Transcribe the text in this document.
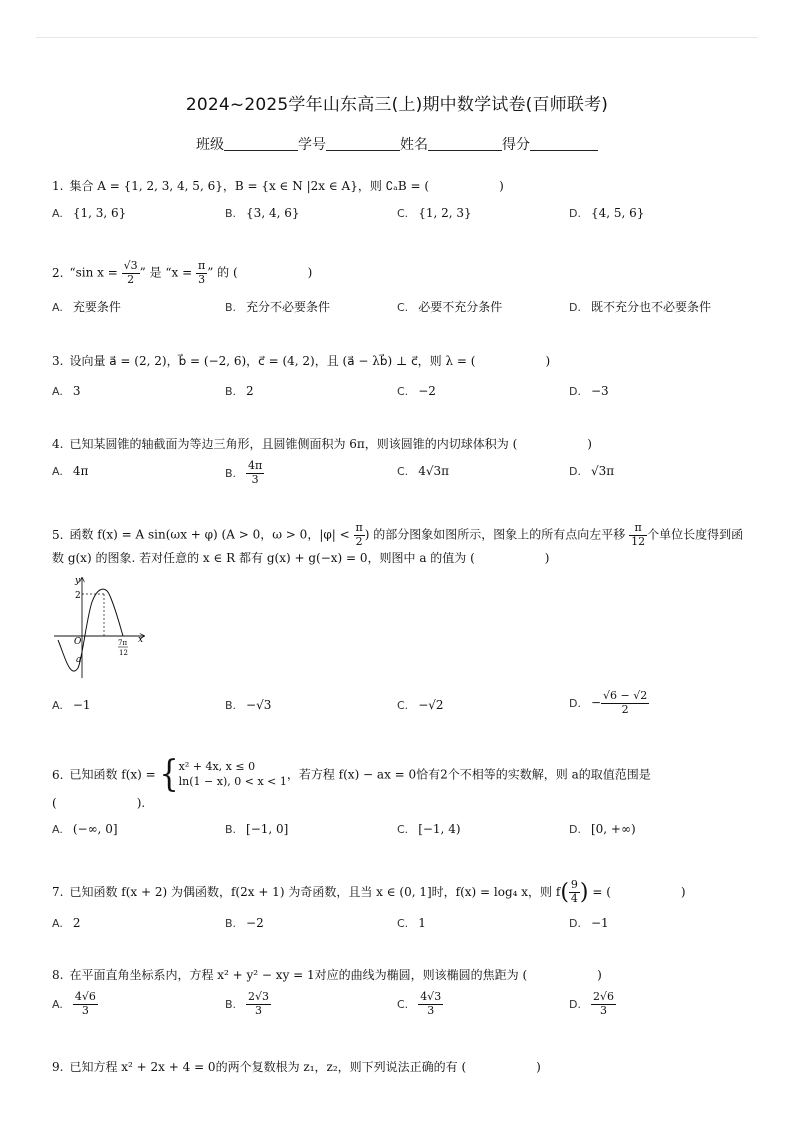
2024~2025学年山东高三(上)期中数学试卷(百师联考)
班级	学号	姓名	得分
1. 集合 A = {1, 2, 3, 4, 5, 6}，B = {x ∈ N |2x ∈ A}，则 ∁ₐB = (	)
A. {1, 3, 6}	B. {3, 4, 6}	C. {1, 2, 3}	D. {4, 5, 6}
2. “sin $x = \frac{√3}{2}$ ” 是 “$x = \frac{\pi}{3}$ ” 的 (	)
A. 充要条件	B. 充分不必要条件	C. 必要不充分条件	D. 既不充分也不必要条件
3. 设向量 a⃗ = (2, 2)，b⃗ = (−2, 6)，c⃗ = (4, 2)，且 (a⃗ − λb⃗) ⊥ c⃗，则 λ = (	)
A. 3	B. 2	C. −2	D. −3
4. 已知某圆锥的轴截面为等边三角形，且圆锥侧面积为 6π，则该圆锥的内切球体积为 (	)
A. 4π	B. $\frac{4\pi}{3}$	C. 4√3π	D. √3π
5. 函数 f(x) = A sin(ωx + φ) (A > 0，ω > 0，$|\varphi| < \frac{\pi}{2}$ ) 的部分图象如图所示，图象上的所有点向左平移 $\frac{\pi}{12}$ 个单位长度得到函
数 g(x) 的图象. 若对任意的 x ∈ R 都有 g(x) + g(−x) = 0，则图中 a 的值为 (	)
y
x
O
2
a
7π
12
A. −1	B. −√3	C. −√2	D. − $\frac{√6 - √2}{2}$
6. 已知函数 f(x) = { x² + 4x, x ≤ 0
ln(1 − x), 0 < x < 1 ，若方程 f(x) − ax = 0恰有2个不相等的实数解，则 a的取值范围是
(	).
A. (−∞, 0]	B. [−1, 0]	C. [−1, 4)	D. [0, +∞)
7. 已知函数 f(x + 2) 为偶函数，f(2x + 1) 为奇函数，且当 x ∈ (0, 1]时，f(x) = log₄ x，则 $f( \frac{9}{4}$ ) = (	)
A. 2	B. −2	C. 1	D. −1
8. 在平面直角坐标系内，方程 x² + y² − xy = 1对应的曲线为椭圆，则该椭圆的焦距为 (	)
A. $\frac{4√6}{3}$	B. $\frac{2√3}{3}$	C. $\frac{4√3}{3}$	D. $\frac{2√6}{3}$
9. 已知方程 x² + 2x + 4 = 0的两个复数根为 z₁，z₂，则下列说法正确的有 (	)
